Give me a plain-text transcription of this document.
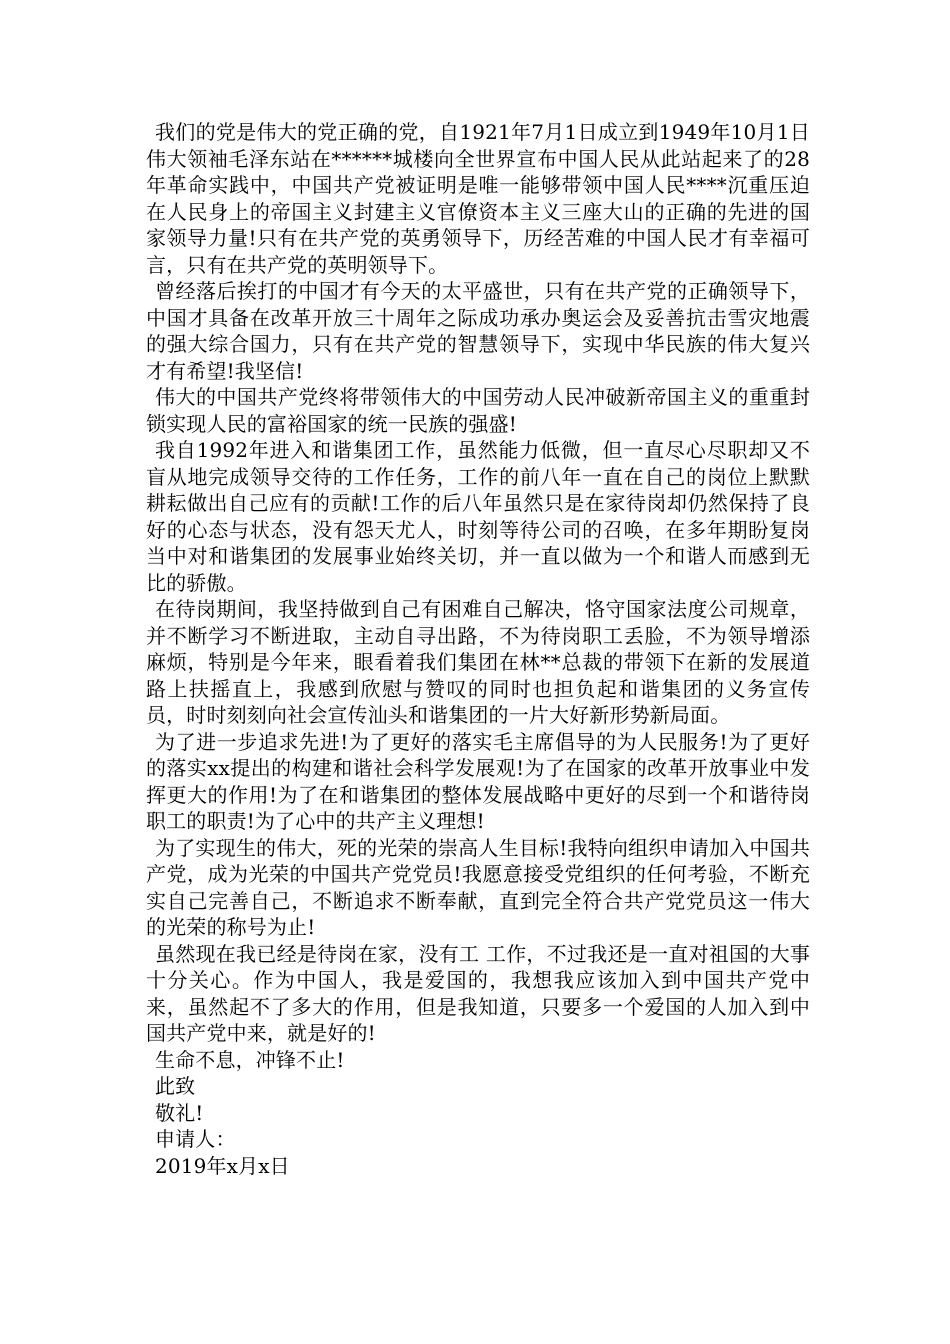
我们的党是伟大的党正确的党，自1921年7月1日成立到1949年10月1日伟大领袖毛泽东站在******城楼向全世界宣布中国人民从此站起来了的28年革命实践中，中国共产党被证明是唯一能够带领中国人民****沉重压迫在人民身上的帝国主义封建主义官僚资本主义三座大山的正确的先进的国家领导力量!只有在共产党的英勇领导下，历经苦难的中国人民才有幸福可言，只有在共产党的英明领导下。

曾经落后挨打的中国才有今天的太平盛世，只有在共产党的正确领导下，中国才具备在改革开放三十周年之际成功承办奥运会及妥善抗击雪灾地震的强大综合国力，只有在共产党的智慧领导下，实现中华民族的伟大复兴才有希望!我坚信!

伟大的中国共产党终将带领伟大的中国劳动人民冲破新帝国主义的重重封锁实现人民的富裕国家的统一民族的强盛!

我自1992年进入和谐集团工作，虽然能力低微，但一直尽心尽职却又不盲从地完成领导交待的工作任务，工作的前八年一直在自己的岗位上默默耕耘做出自己应有的贡献!工作的后八年虽然只是在家待岗却仍然保持了良好的心态与状态，没有怨天尤人，时刻等待公司的召唤，在多年期盼复岗当中对和谐集团的发展事业始终关切，并一直以做为一个和谐人而感到无比的骄傲。

在待岗期间，我坚持做到自己有困难自己解决，恪守国家法度公司规章，并不断学习不断进取，主动自寻出路，不为待岗职工丢脸，不为领导增添麻烦，特别是今年来，眼看着我们集团在林**总裁的带领下在新的发展道路上扶摇直上，我感到欣慰与赞叹的同时也担负起和谐集团的义务宣传员，时时刻刻向社会宣传汕头和谐集团的一片大好新形势新局面。

为了进一步追求先进!为了更好的落实毛主席倡导的为人民服务!为了更好的落实xx提出的构建和谐社会科学发展观!为了在国家的改革开放事业中发挥更大的作用!为了在和谐集团的整体发展战略中更好的尽到一个和谐待岗职工的职责!为了心中的共产主义理想!

为了实现生的伟大，死的光荣的崇高人生目标!我特向组织申请加入中国共产党，成为光荣的中国共产党党员!我愿意接受党组织的任何考验，不断充实自己完善自己，不断追求不断奉献，直到完全符合共产党党员这一伟大的光荣的称号为止!

虽然现在我已经是待岗在家，没有工 工作，不过我还是一直对祖国的大事十分关心。作为中国人，我是爱国的，我想我应该加入到中国共产党中来，虽然起不了多大的作用，但是我知道，只要多一个爱国的人加入到中国共产党中来，就是好的!

生命不息，冲锋不止!

此致

敬礼!

申请人：

2019年x月x日
